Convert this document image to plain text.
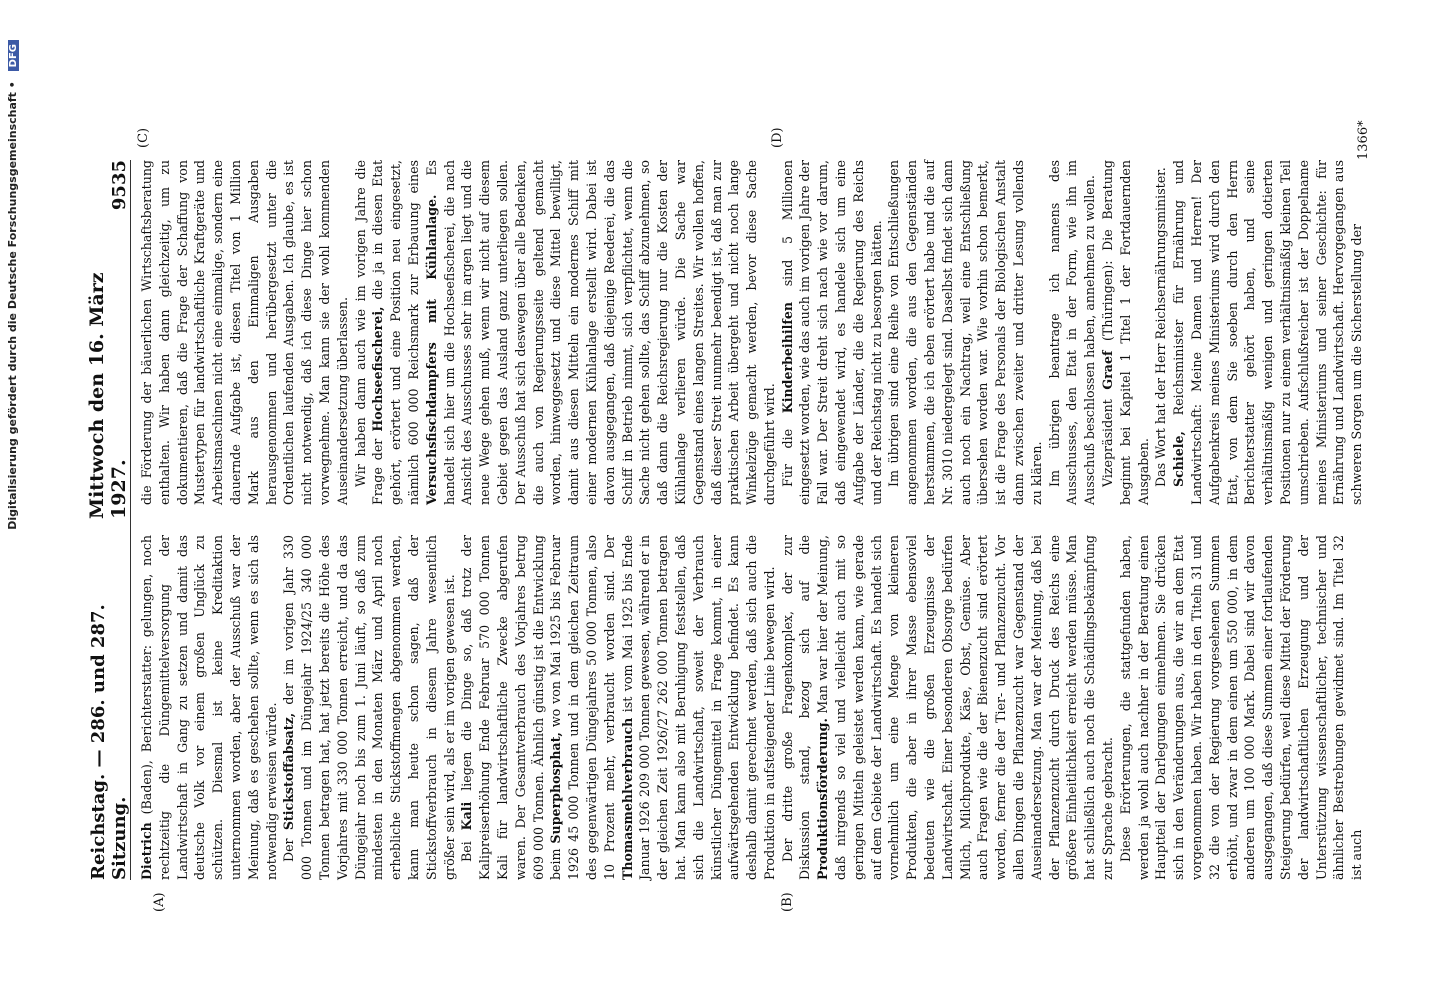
Digitalisierung gefördert durch die Deutsche Forschungsgemeinschaft • DFG
Reichstag. — 286. und 287. Sitzung.
Mittwoch den 16. März 1927.
9535
(A)	(B)
(C)	(D)

Dietrich (Baden), Berichterstatter: gelungen, noch rechtzeitig die Düngemittelversorgung der Landwirtschaft in Gang zu setzen und damit das deutsche Volk vor einem großen Unglück zu schützen. Diesmal ist keine Kreditaktion unternommen worden, aber der Ausschuß war der Meinung, daß es geschehen sollte, wenn es sich als notwendig erweisen würde. Der Stickstoffabsatz, der im vorigen Jahr 330 000 Tonnen und im Düngejahr 1924/25 340 000 Tonnen betragen hat, hat jetzt bereits die Höhe des Vorjahres mit 330 000 Tonnen erreicht, und da das Düngejahr noch bis zum 1. Juni läuft, so daß zum mindesten in den Monaten März und April noch erhebliche Stickstoffmengen abgenommen werden, kann man heute schon sagen, daß der Stickstoffverbrauch in diesem Jahre wesentlich größer sein wird, als er im vorigen gewesen ist. Bei Kali liegen die Dinge so, daß trotz der Kalipreiserhöhung Ende Februar 570 000 Tonnen Kali für landwirtschaftliche Zwecke abgerufen waren. Der Gesamtverbrauch des Vorjahres betrug 609 000 Tonnen. Ähnlich günstig ist die Entwicklung beim Superphosphat, wo von Mai 1925 bis Februar 1926 45 000 Tonnen und in dem gleichen Zeitraum des gegenwärtigen Düngejahres 50 000 Tonnen, also 10 Prozent mehr, verbraucht worden sind. Der Thomasmehlverbrauch ist vom Mai 1925 bis Ende Januar 1926 209 000 Tonnen gewesen, während er in der gleichen Zeit 1926/27 262 000 Tonnen betragen hat. Man kann also mit Beruhigung feststellen, daß sich die Landwirtschaft, soweit der Verbrauch künstlicher Düngemittel in Frage kommt, in einer aufwärtsgehenden Entwicklung befindet. Es kann deshalb damit gerechnet werden, daß sich auch die Produktion in aufsteigender Linie bewegen wird. Der dritte große Fragenkomplex, der zur Diskussion stand, bezog sich auf die Produktionsförderung. Man war hier der Meinung, daß nirgends so viel und vielleicht auch mit so geringen Mitteln geleistet werden kann, wie gerade auf dem Gebiete der Landwirtschaft. Es handelt sich vornehmlich um eine Menge von kleineren Produkten, die aber in ihrer Masse ebensoviel bedeuten wie die großen Erzeugnisse der Landwirtschaft. Einer besonderen Obsorge bedürfen Milch, Milchprodukte, Käse, Obst, Gemüse. Aber auch Fragen wie die der Bienenzucht sind erörtert worden, ferner die der Tier- und Pflanzenzucht. Vor allen Dingen die Pflanzenzucht war Gegenstand der Auseinandersetzung. Man war der Meinung, daß bei der Pflanzenzucht durch Druck des Reichs eine größere Einheitlichkeit erreicht werden müsse. Man hat schließlich auch noch die Schädlingsbekämpfung zur Sprache gebracht. Diese Erörterungen, die stattgefunden haben, werden ja wohl auch nachher in der Beratung einen Hauptteil der Darlegungen einnehmen. Sie drücken sich in den Veränderungen aus, die wir an dem Etat vorgenommen haben. Wir haben in den Titeln 31 und 32 die von der Regierung vorgesehenen Summen erhöht, und zwar in dem einen um 550 000, in dem anderen um 100 000 Mark. Dabei sind wir davon ausgegangen, daß diese Summen einer fortlaufenden Steigerung bedürfen, weil diese Mittel der Förderung der landwirtschaftlichen Erzeugung und der Unterstützung wissenschaftlicher, technischer und ähnlicher Bestrebungen gewidmet sind. Im Titel 32 ist auch

die Förderung der bäuerlichen Wirtschaftsberatung enthalten. Wir haben dann gleichzeitig, um zu dokumentieren, daß die Frage der Schaffung von Mustertypen für landwirtschaftliche Kraftgeräte und Arbeitsmaschinen nicht eine einmalige, sondern eine dauernde Aufgabe ist, diesen Titel von 1 Million Mark aus den Einmaligen Ausgaben herausgenommen und herübergesetzt unter die Ordentlichen laufenden Ausgaben. Ich glaube, es ist nicht notwendig, daß ich diese Dinge hier schon vorwegnehme. Man kann sie der wohl kommenden Auseinandersetzung überlassen. Wir haben dann auch wie im vorigen Jahre die Frage der Hochseefischerei, die ja in diesen Etat gehört, erörtert und eine Position neu eingesetzt, nämlich 600 000 Reichsmark zur Erbauung eines Versuchsfischdampfers mit Kühlanlage. Es handelt sich hier um die Hochseefischerei, die nach Ansicht des Ausschusses sehr im argen liegt und die neue Wege gehen muß, wenn wir nicht auf diesem Gebiet gegen das Ausland ganz unterliegen sollen. Der Ausschuß hat sich deswegen über alle Bedenken, die auch von Regierungsseite geltend gemacht worden, hinweggesetzt und diese Mittel bewilligt, damit aus diesen Mitteln ein modernes Schiff mit einer modernen Kühlanlage erstellt wird. Dabei ist davon ausgegangen, daß diejenige Reederei, die das Schiff in Betrieb nimmt, sich verpflichtet, wenn die Sache nicht gehen sollte, das Schiff abzunehmen, so daß dann die Reichsregierung nur die Kosten der Kühlanlage verlieren würde. Die Sache war Gegenstand eines langen Streites. Wir wollen hoffen, daß dieser Streit nunmehr beendigt ist, daß man zur praktischen Arbeit übergeht und nicht noch lange Winkelzüge gemacht werden, bevor diese Sache durchgeführt wird. Für die Kinderbeihilfen sind 5 Millionen eingesetzt worden, wie das auch im vorigen Jahre der Fall war. Der Streit dreht sich nach wie vor darum, daß eingewendet wird, es handele sich um eine Aufgabe der Länder, die die Regierung des Reichs und der Reichstag nicht zu besorgen hätten. Im übrigen sind eine Reihe von Entschließungen angenommen worden, die aus den Gegenständen herstammen, die ich eben erörtert habe und die auf Nr. 3010 niedergelegt sind. Daselbst findet sich dann auch noch ein Nachtrag, weil eine Entschließung übersehen worden war. Wie vorhin schon bemerkt, ist die Frage des Personals der Biologischen Anstalt dann zwischen zweiter und dritter Lesung vollends zu klären. Im übrigen beantrage ich namens des Ausschusses, den Etat in der Form, wie ihn im Ausschuß beschlossen haben, annehmen zu wollen. Vizepräsident Graef (Thüringen): Die Beratung beginnt bei Kapitel 1 Titel 1 der Fortdauernden Ausgaben. Das Wort hat der Herr Reichsernährungsminister. Schiele, Reichsminister für Ernährung und Landwirtschaft: Meine Damen und Herren! Der Aufgabenkreis meines Ministeriums wird durch den Etat, von dem Sie soeben durch den Herrn Berichterstatter gehört haben, und seine verhältnismäßig wenigen und geringen dotierten Positionen nur zu einem verhältnismäßig kleinen Teil umschrieben. Aufschlußreicher ist der Doppelname meines Ministeriums und seiner Geschichte: für Ernährung und Landwirtschaft. Hervorgegangen aus schweren Sorgen um die Sicherstellung der

1366*
